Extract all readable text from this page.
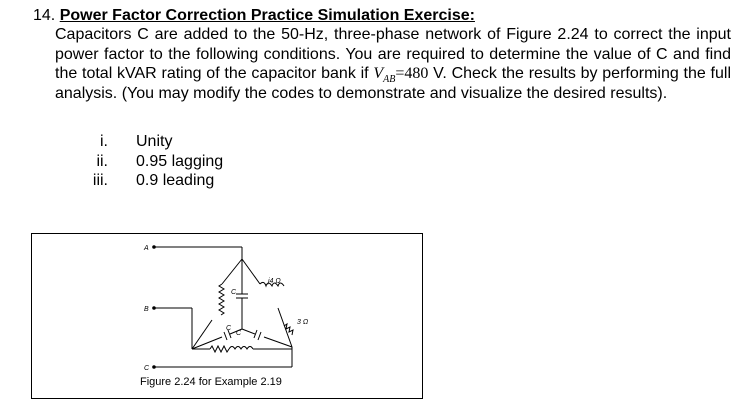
14. Power Factor Correction Practice Simulation Exercise:
Capacitors C are added to the 50-Hz, three-phase network of Figure 2.24 to correct the input power factor to the following conditions. You are required to determine the value of C and find the total kVAR rating of the capacitor bank if $V_{AB}=480$ V. Check the results by performing the full analysis. (You may modify the codes to demonstrate and visualize the desired results).
i. Unity
ii. 0.95 lagging
iii. 0.9 leading
A
B
C
j4 Ω
3 Ω
C
C
C
Figure 2.24 for Example 2.19
